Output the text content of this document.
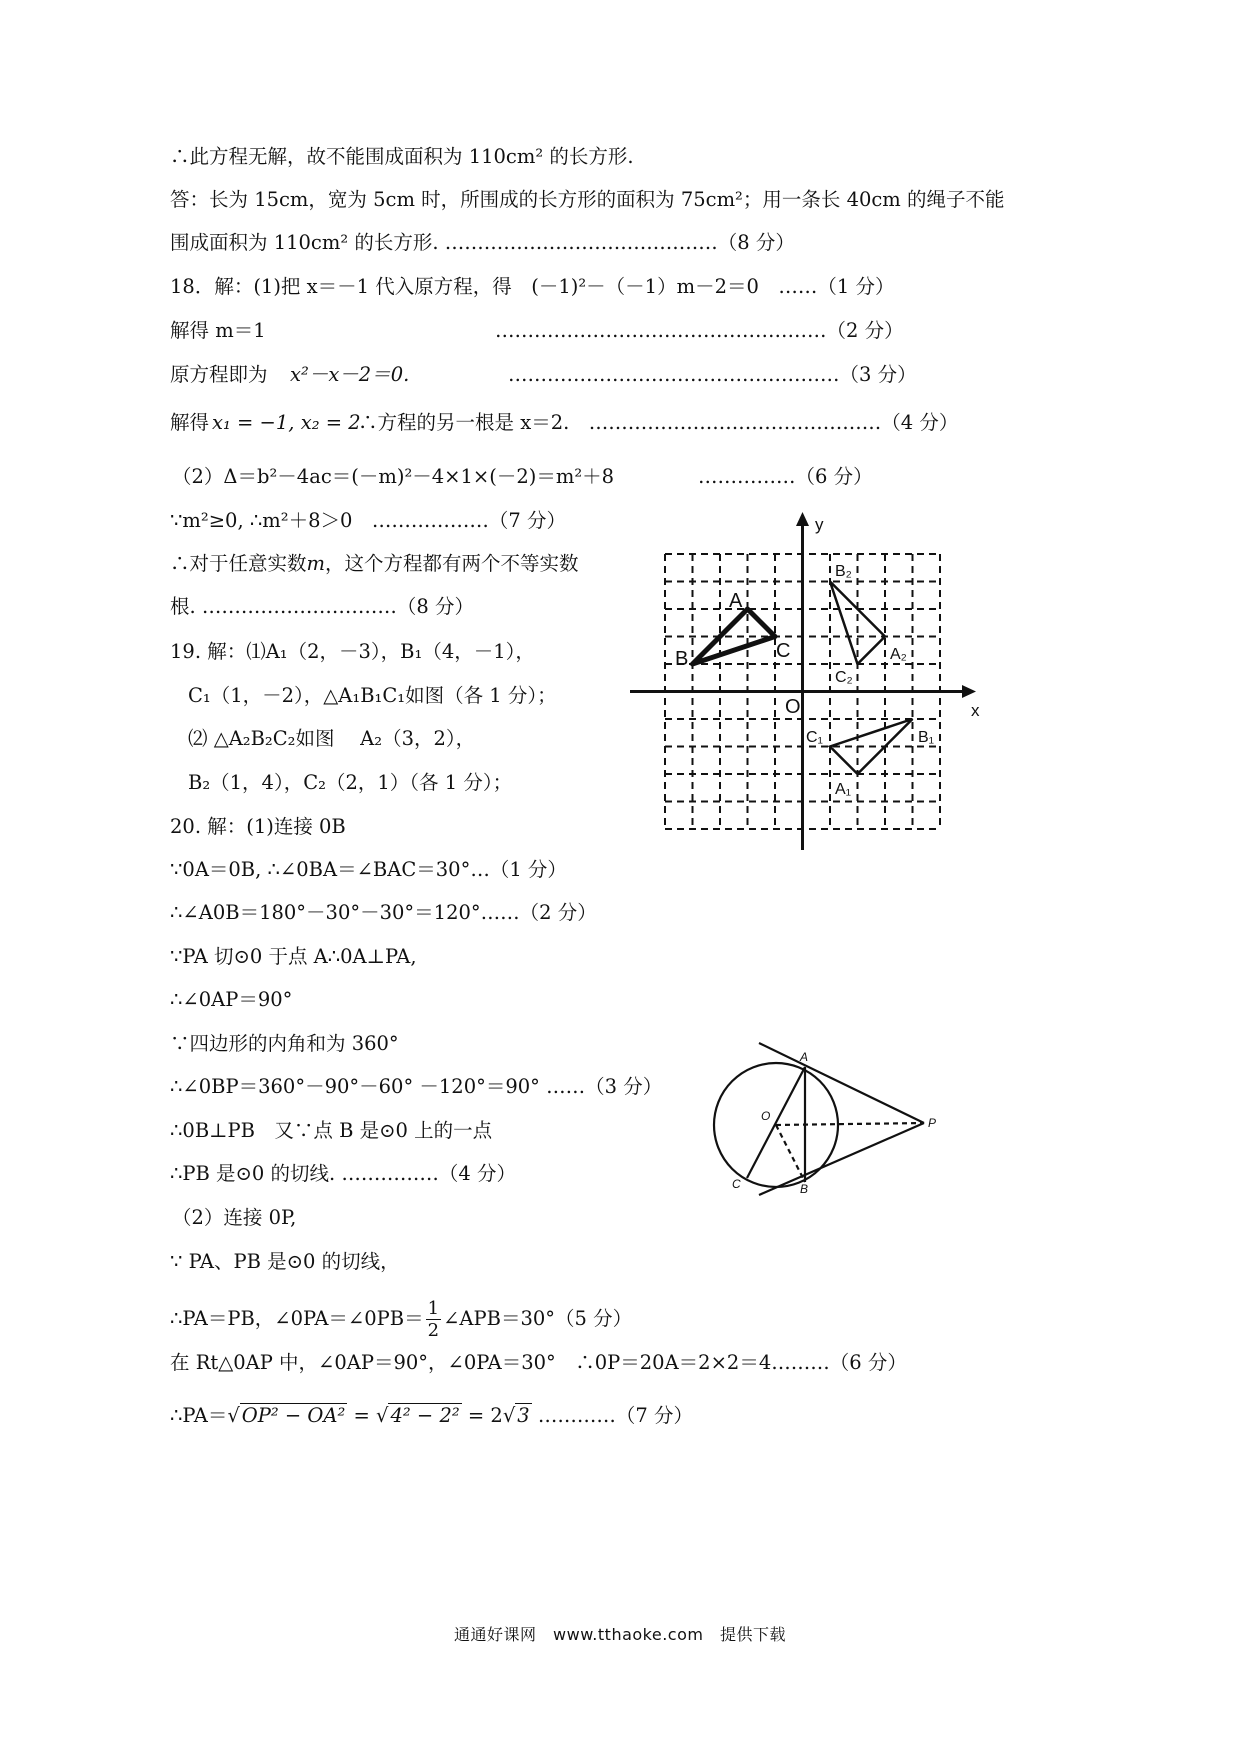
∴此方程无解，故不能围成面积为 110cm² 的长方形.
答：长为 15cm，宽为 5cm 时，所围成的长方形的面积为 75cm²；用一条长 40cm 的绳子不能
围成面积为 110cm² 的长方形. ……………………………………（8 分）
18．解：(1)把 x＝－1 代入原方程，得　(－1)²－（－1）m－2＝0　……（1 分）
解得 m＝1	……………………………………………（2 分）
原方程即为 x²－x－2＝0.	……………………………………………（3 分）
解得 x₁ = −1, x₂ = 2
∴方程的另一根是 x＝2.　………………………………………（4 分）
（2）Δ＝b²－4ac＝(－m)²－4×1×(－2)＝m²＋8	……………（6 分）
∵m²≥0, ∴m²＋8＞0　………………（7 分）
∴对于任意实数m，这个方程都有两个不等实数
根. …………………………（8 分）
19. 解：⑴A₁（2，－3），B₁（4，－1），
C₁（1，－2），△A₁B₁C₁如图（各 1 分）；
⑵ △A₂B₂C₂如图　 A₂（3，2），
B₂（1，4），C₂（2，1）（各 1 分）；
20. 解：(1)连接 0B
∵0A＝0B, ∴∠0BA＝∠BAC＝30°…（1 分）
∴∠A0B＝180°－30°－30°＝120°……（2 分）
∵PA 切⊙0 于点 A∴0A⊥PA,
∴∠0AP＝90°
∵四边形的内角和为 360°
∴∠0BP＝360°－90°－60° －120°＝90° ……（3 分）
∴0B⊥PB　又∵点 B 是⊙0 上的一点
∴PB 是⊙0 的切线. ……………（4 分）
（2）连接 0P,
∵ PA、PB 是⊙0 的切线，
∴PA＝PB，∠0PA＝∠0PB＝ $\frac{1}{2}$ ∠APB＝30°（5 分）
在 Rt△0AP 中，∠0AP＝90°，∠0PA＝30°　∴0P＝20A＝2×2＝4………（6 分）
∴PA＝√ OP² − OA² = √ 4² − 2² = 2√ 3 …………（7 分）
x
y
O
A
B	C
B₂
A₂
C₂
C₁	B₁
A₁
A
O	P
C	B
通通好课网　www.tthaoke.com　提供下载
